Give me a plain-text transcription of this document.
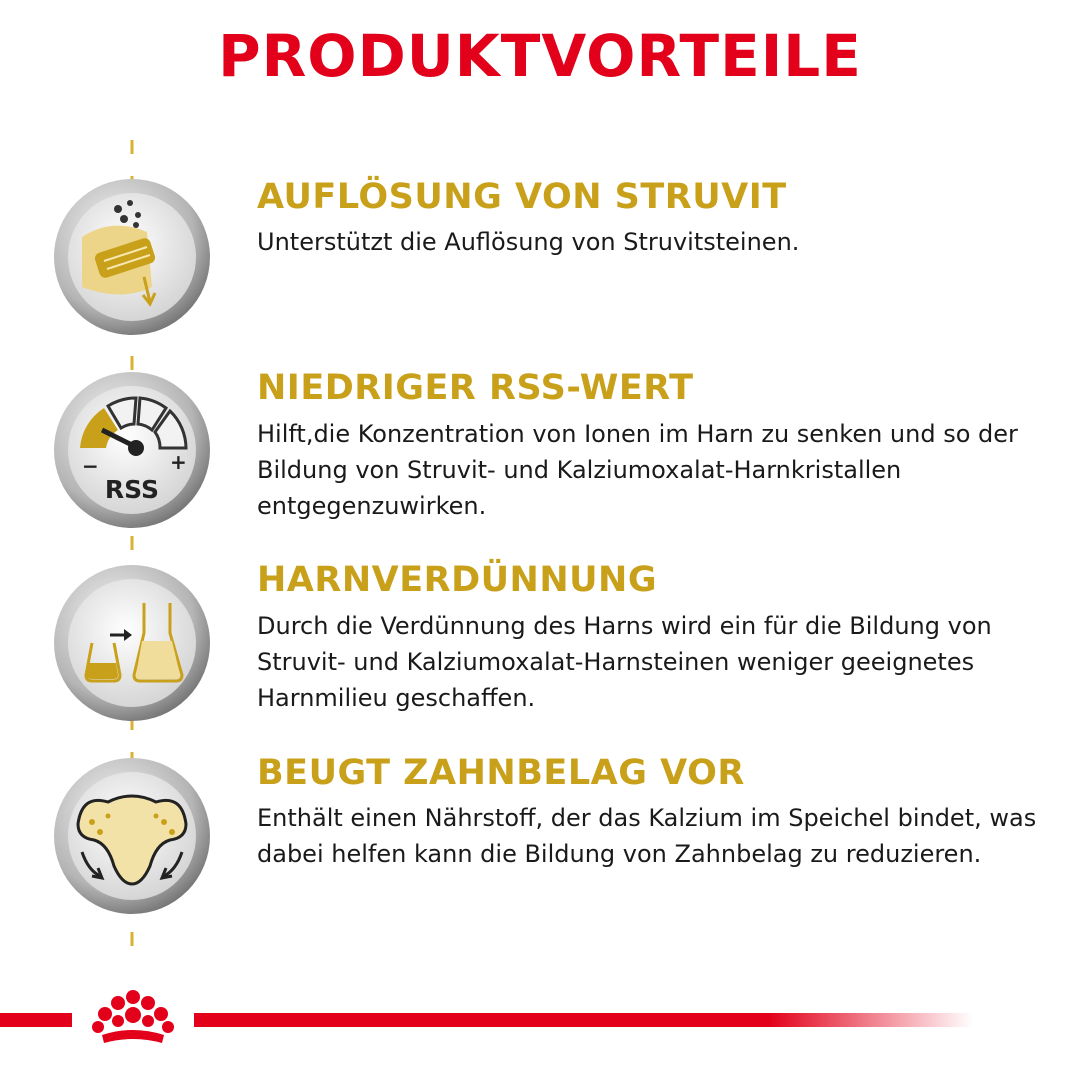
PRODUKTVORTEILE
AUFLÖSUNG VON STRUVIT
Unterstützt die Auflösung von Struvitsteinen.
−	+
RSS
NIEDRIGER RSS-WERT
Hilft,die Konzentration von Ionen im Harn zu senken und so der Bildung von Struvit- und Kalziumoxalat-Harnkristallen entgegenzuwirken.
HARNVERDÜNNUNG
Durch die Verdünnung des Harns wird ein für die Bildung von Struvit- und Kalziumoxalat-Harnsteinen weniger geeignetes Harnmilieu geschaffen.
BEUGT ZAHNBELAG VOR
Enthält einen Nährstoff, der das Kalzium im Speichel bindet, was dabei helfen kann die Bildung von Zahnbelag zu reduzieren.
